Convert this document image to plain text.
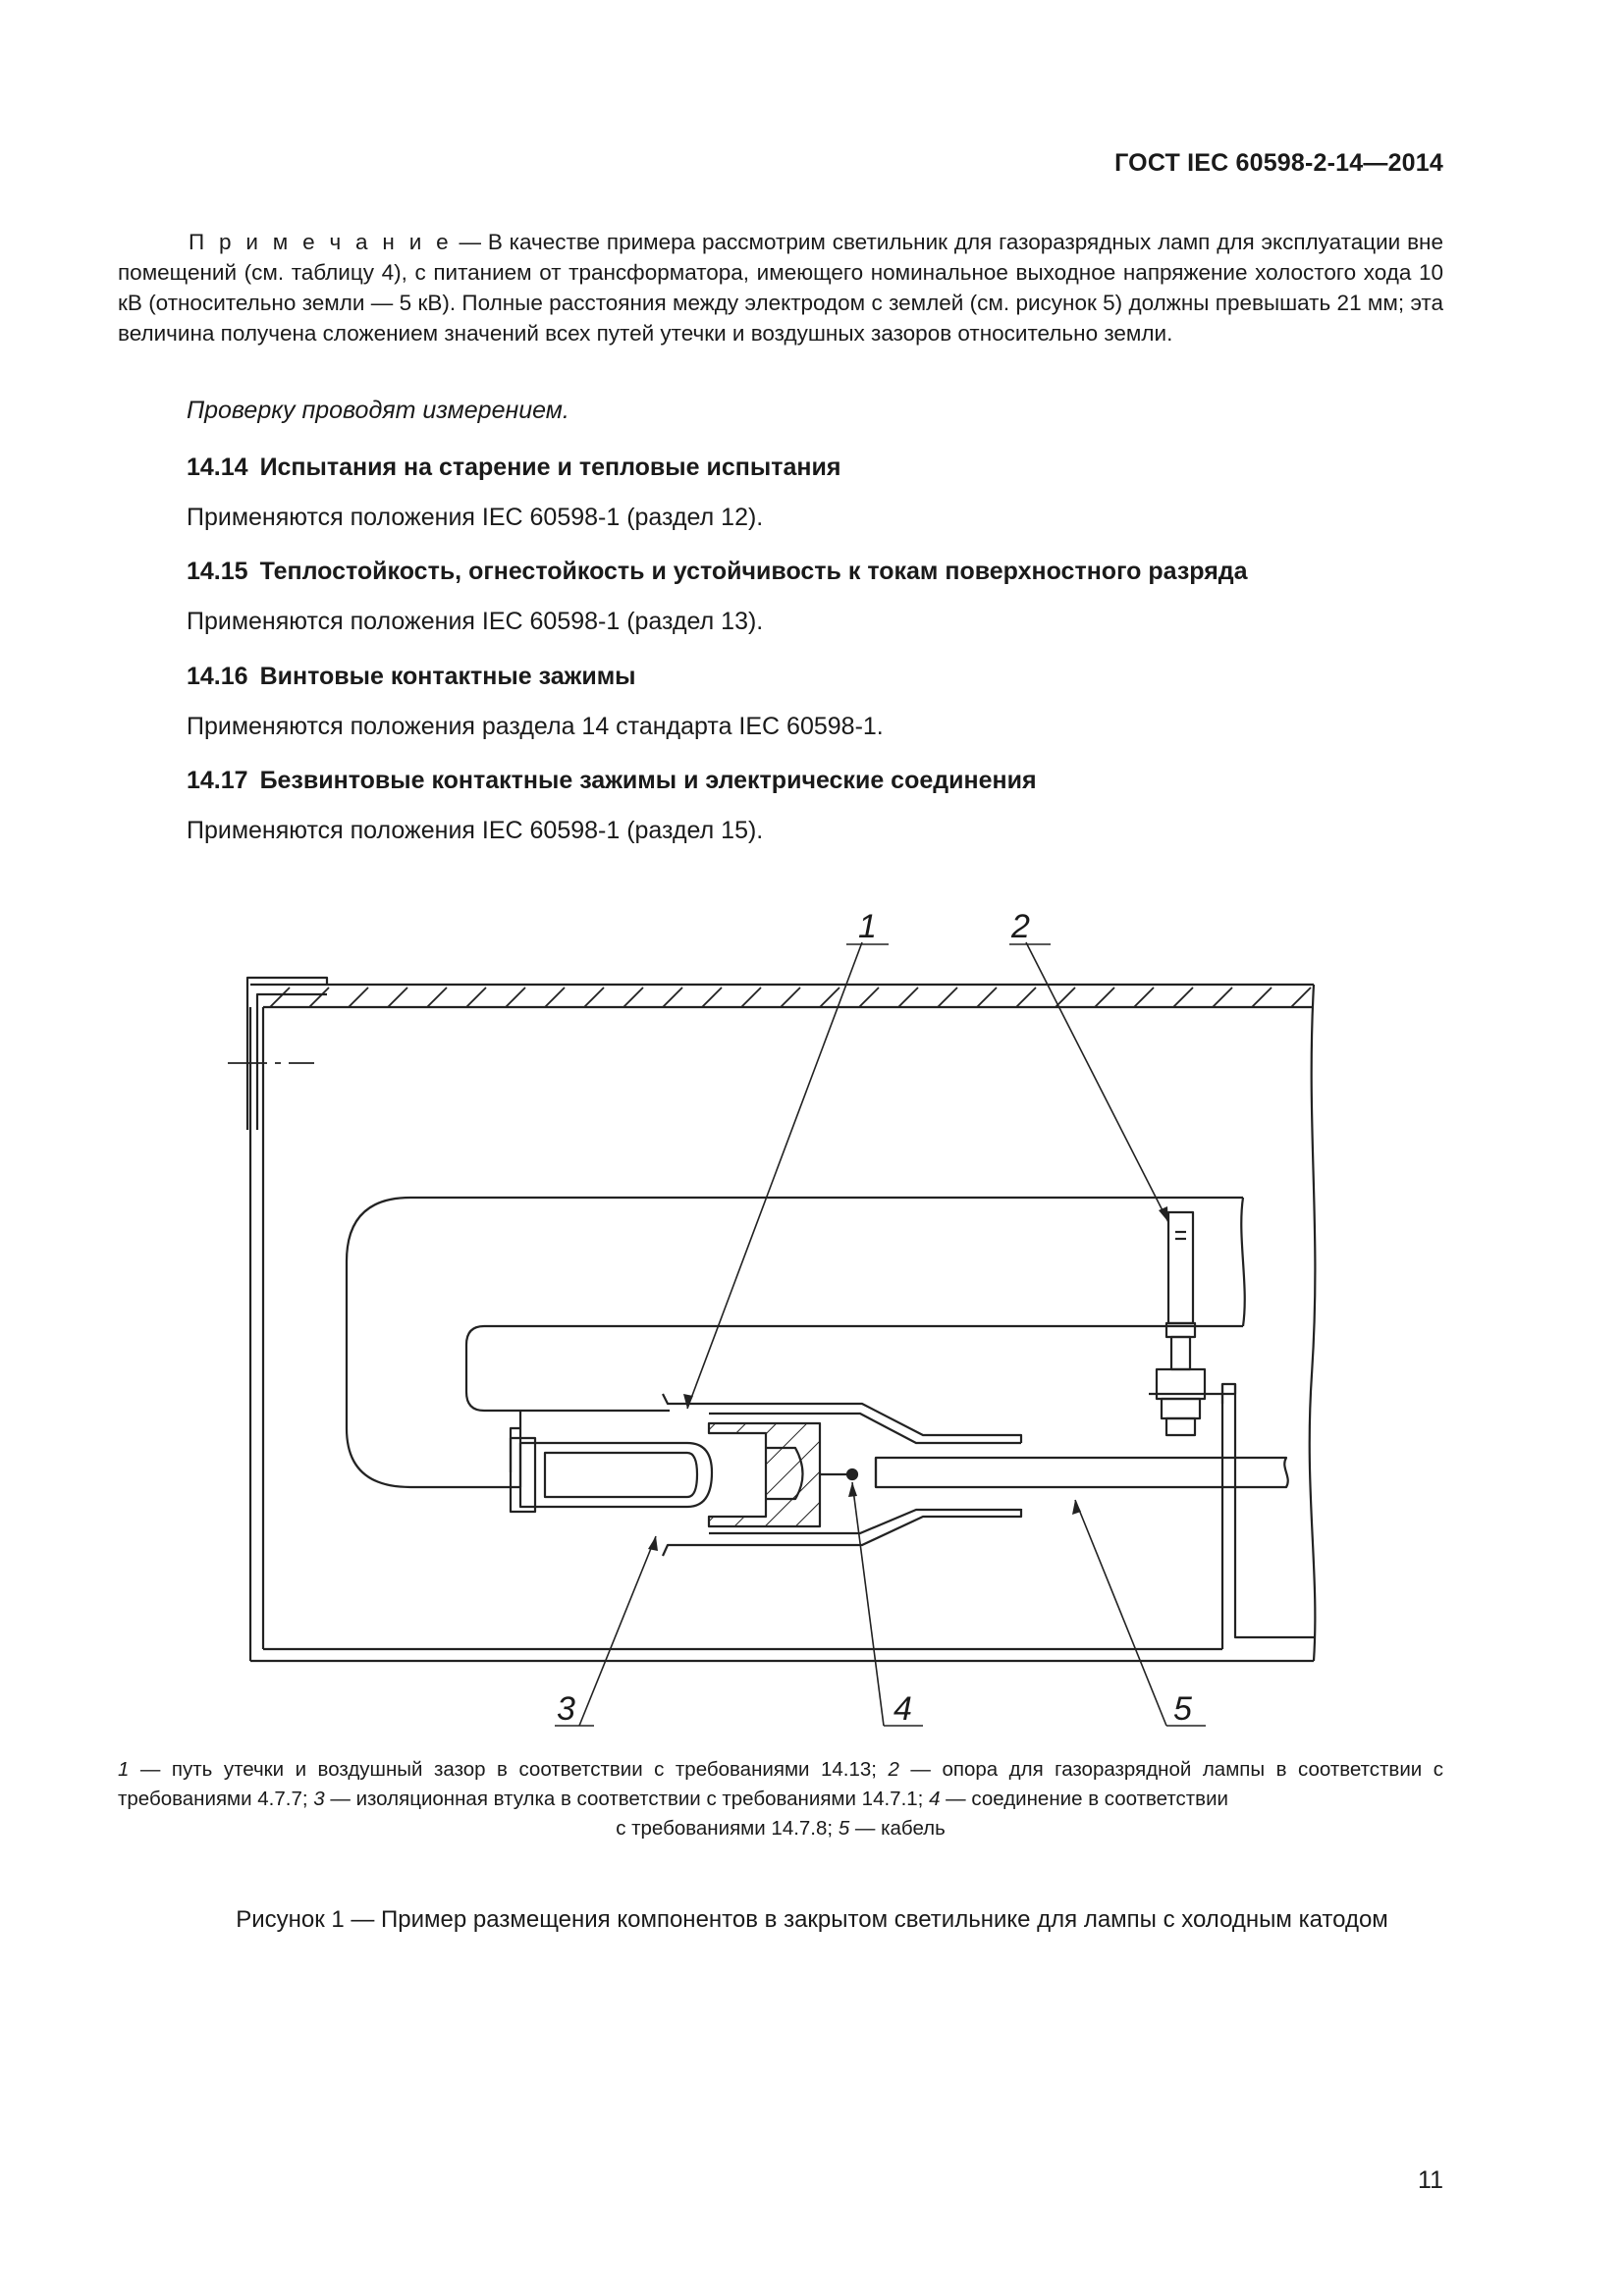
ГОСТ IEC 60598-2-14—2014
П р и м е ч а н и е — В качестве примера рассмотрим светильник для газоразрядных ламп для эксплуатации вне помещений (см. таблицу 4), с питанием от трансформатора, имеющего номинальное выходное напряжение холостого хода 10 кВ (относительно земли — 5 кВ). Полные расстояния между электродом с землей (см. рисунок 5) должны превышать 21 мм; эта величина получена сложением значений всех путей утечки и воздушных зазоров относительно земли.
Проверку проводят измерением.
14.14 Испытания на старение и тепловые испытания
Применяются положения IEC 60598-1 (раздел 12).
14.15 Теплостойкость, огнестойкость и устойчивость к токам поверхностного разряда
Применяются положения IEC 60598-1 (раздел 13).
14.16 Винтовые контактные зажимы
Применяются положения раздела 14 стандарта IEC 60598-1.
14.17 Безвинтовые контактные зажимы и электрические соединения
Применяются положения IEC 60598-1 (раздел 15).
1	2
3	4	5
1 — путь утечки и воздушный зазор в соответствии с требованиями 14.13; 2 — опора для газоразрядной лампы в соответствии с требованиями 4.7.7; 3 — изоляционная втулка в соответствии с требованиями 14.7.1; 4 — соединение в соответствии
с требованиями 14.7.8; 5 — кабель
Рисунок 1 — Пример размещения компонентов в закрытом светильнике для лампы с холодным катодом
11
